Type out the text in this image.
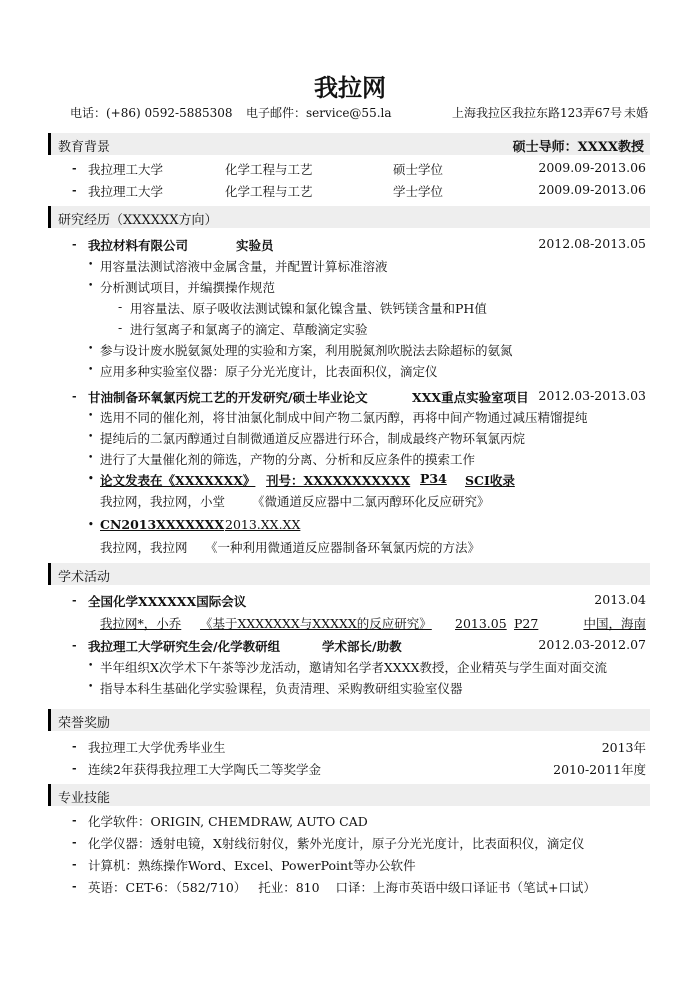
我拉网
电话：(+86) 0592-5885308 电子邮件：service@55.la	上海我拉区我拉东路123弄67号 未婚
教育背景	硕士导师：XXXX教授
- 我拉理工大学	化学工程与工艺	硕士学位	2009.09-2013.06
- 我拉理工大学	化学工程与工艺	学士学位	2009.09-2013.06
研究经历（XXXXXX方向）
- 我拉材料有限公司	实验员	2012.08-2013.05
• 用容量法测试溶液中金属含量，并配置计算标准溶液
• 分析测试项目，并编撰操作规范
- 用容量法、原子吸收法测试镍和氯化镍含量、铁钙镁含量和PH值
- 进行氢离子和氯离子的滴定、草酸滴定实验
• 参与设计废水脱氨氮处理的实验和方案，利用脱氮剂吹脱法去除超标的氨氮
• 应用多种实验室仪器：原子分光光度计，比表面积仪，滴定仪
- 甘油制备环氧氯丙烷工艺的开发研究/硕士毕业论文	XXX重点实验室项目 2012.03-2013.03
• 选用不同的催化剂，将甘油氯化制成中间产物二氯丙醇，再将中间产物通过减压精馏提纯
• 提纯后的二氯丙醇通过自制微通道反应器进行环合，制成最终产物环氧氯丙烷
• 进行了大量催化剂的筛选，产物的分离、分析和反应条件的摸索工作
• 论文发表在《XXXXXXX》 刊号：XXXXXXXXXXX P34 SCI收录
我拉网，我拉网，小堂 《微通道反应器中二氯丙醇环化反应研究》
• CN2013XXXXXXX 2013.XX.XX
我拉网，我拉网 《一种利用微通道反应器制备环氧氯丙烷的方法》
学术活动
- 全国化学XXXXXX国际会议	2013.04
我拉网*，小乔 《基于XXXXXXX与XXXXX的反应研究》 2013.05 P27	中国，海南
- 我拉理工大学研究生会/化学教研组	学术部长/助教	2012.03-2012.07
• 半年组织X次学术下午茶等沙龙活动，邀请知名学者XXXX教授，企业精英与学生面对面交流
• 指导本科生基础化学实验课程，负责清理、采购教研组实验室仪器
荣誉奖励
- 我拉理工大学优秀毕业生	2013年
- 连续2年获得我拉理工大学陶氏二等奖学金	2010-2011年度
专业技能
- 化学软件：ORIGIN, CHEMDRAW, AUTO CAD
- 化学仪器：透射电镜，X射线衍射仪，紫外光度计，原子分光光度计，比表面积仪，滴定仪
- 计算机：熟练操作Word、Excel、PowerPoint等办公软件
- 英语：CET-6：（582/710）   托业：810    口译：上海市英语中级口译证书（笔试+口试）
